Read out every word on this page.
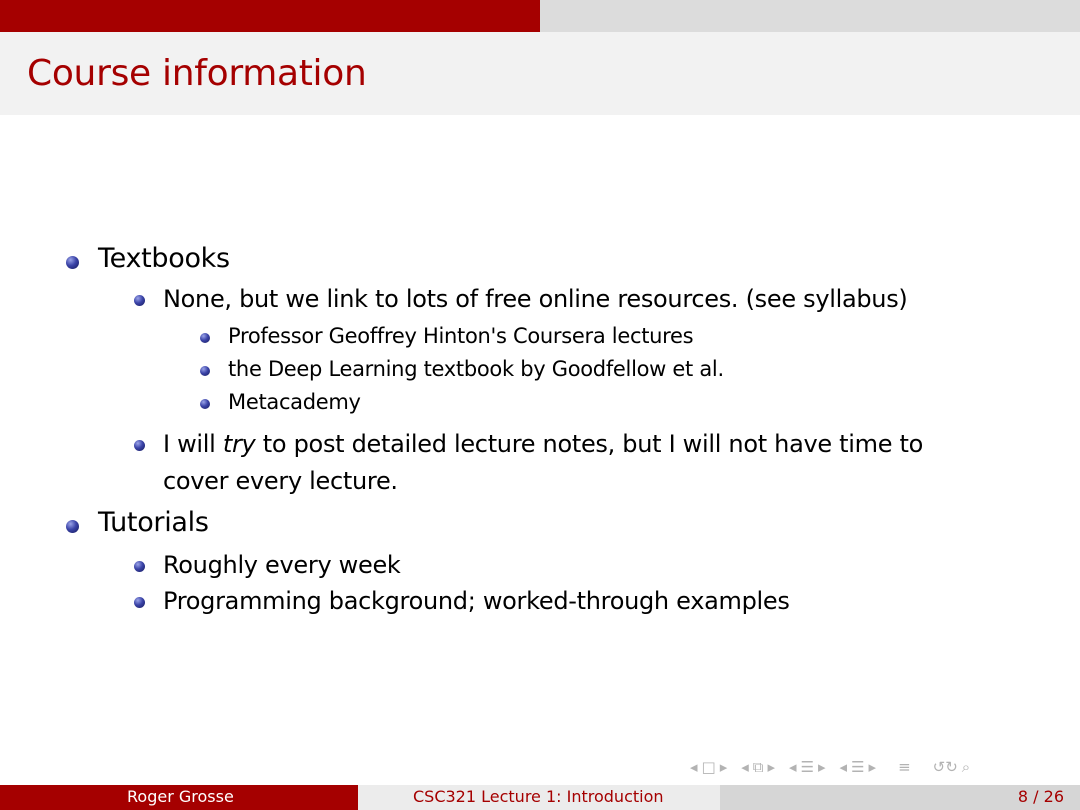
Course information
Textbooks
None, but we link to lots of free online resources. (see syllabus)
Professor Geoffrey Hinton's Coursera lectures
the Deep Learning textbook by Goodfellow et al.
Metacademy
I will try to post detailed lecture notes, but I will not have time to
cover every lecture.
Tutorials
Roughly every week
Programming background; worked-through examples
◂ □ ▸ ◂ ⧉ ▸ ◂ ☰ ▸ ◂ ☰ ▸ ≡ ↺↻ ⌕
Roger Grosse	CSC321 Lecture 1: Introduction	8 / 26
